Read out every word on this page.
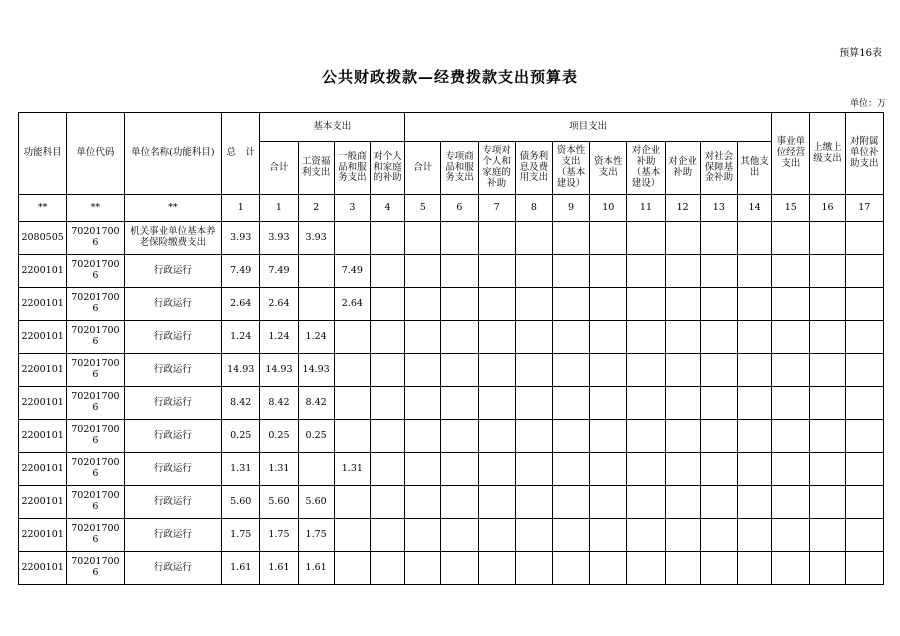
预算16表
公共财政拨款—经费拨款支出预算表
单位：万
功能科目	单位代码	单位名称(功能科目)	总　计	基本支出				项目支出										事业单位经营支出	上缴上级支出	对附属单位补助支出
				合计	工资福利支出	一般商品和服务支出	对个人和家庭的补助	合计	专项商品和服务支出	专项对个人和家庭的补助	债务利息及费用支出	资本性支出（基本建设）	资本性支出	对企业补助（基本建设）	对企业补助	对社会保障基金补助	其他支出			
**	**	**	1	1	2	3	4	5	6	7	8	9	10	11	12	13	14	15	16	17
2080505	702017006	机关事业单位基本养老保险缴费支出	3.93	3.93	3.93															
2200101	702017006	行政运行	7.49	7.49		7.49														
2200101	702017006	行政运行	2.64	2.64		2.64														
2200101	702017006	行政运行	1.24	1.24	1.24															
2200101	702017006	行政运行	14.93	14.93	14.93															
2200101	702017006	行政运行	8.42	8.42	8.42															
2200101	702017006	行政运行	0.25	0.25	0.25															
2200101	702017006	行政运行	1.31	1.31		1.31														
2200101	702017006	行政运行	5.60	5.60	5.60															
2200101	702017006	行政运行	1.75	1.75	1.75															
2200101	702017006	行政运行	1.61	1.61	1.61															
